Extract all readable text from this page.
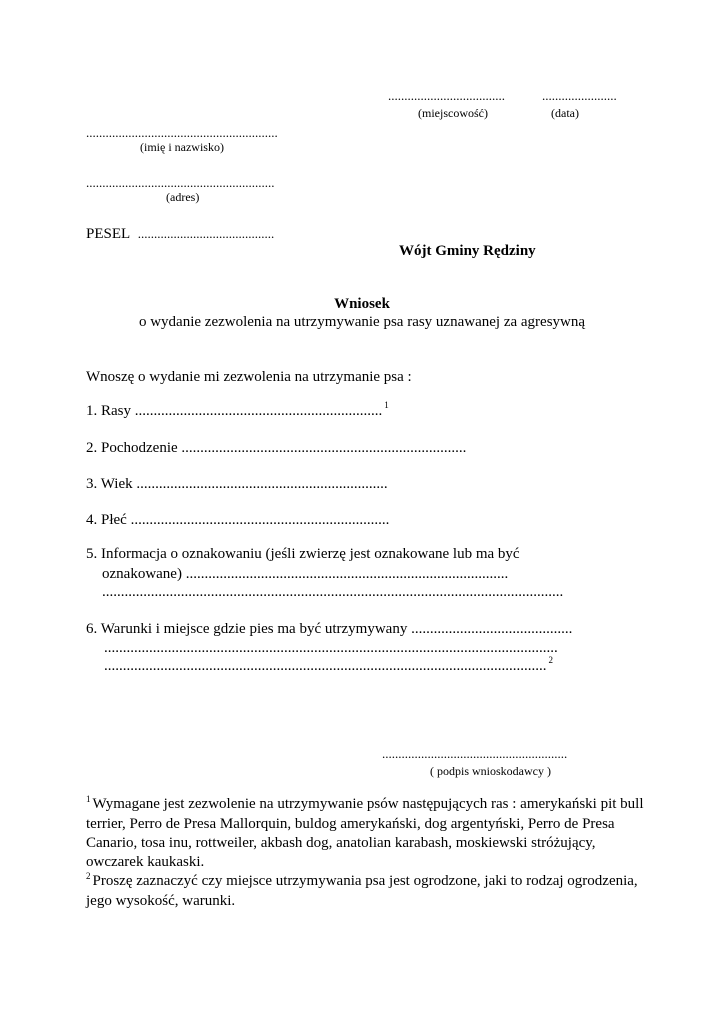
....................................	.......................
(miejscowość)	(data)
...........................................................
(imię i nazwisko)
..........................................................
(adres)
PESEL ..........................................
Wójt Gminy Rędziny
Wniosek
o wydanie zezwolenia na utrzymywanie psa rasy uznawanej za agresywną
Wnoszę o wydanie mi zezwolenia na utrzymanie psa :
1. Rasy .................................................................. $^1$
2. Pochodzenie ............................................................................
3. Wiek ...................................................................
4. Płeć .....................................................................
5. Informacja o oznakowaniu (jeśli zwierzę jest oznakowane lub ma być
oznakowane) ......................................................................................
...........................................................................................................................
6. Warunki i miejsce gdzie pies ma być utrzymywany ...........................................
.........................................................................................................................
...................................................................................................................... $^2$
.........................................................
( podpis wnioskodawcy )

$^1$ Wymagane jest zezwolenie na utrzymywanie psów następujących ras : amerykański pit bull terrier, Perro de Presa Mallorquin, buldog amerykański, dog argentyński, Perro de Presa Canario, tosa inu, rottweiler, akbash dog, anatolian karabash, moskiewski stróżujący, owczarek kaukaski.

$^2$ Proszę zaznaczyć czy miejsce utrzymywania psa jest ogrodzone, jaki to rodzaj ogrodzenia, jego wysokość, warunki.
